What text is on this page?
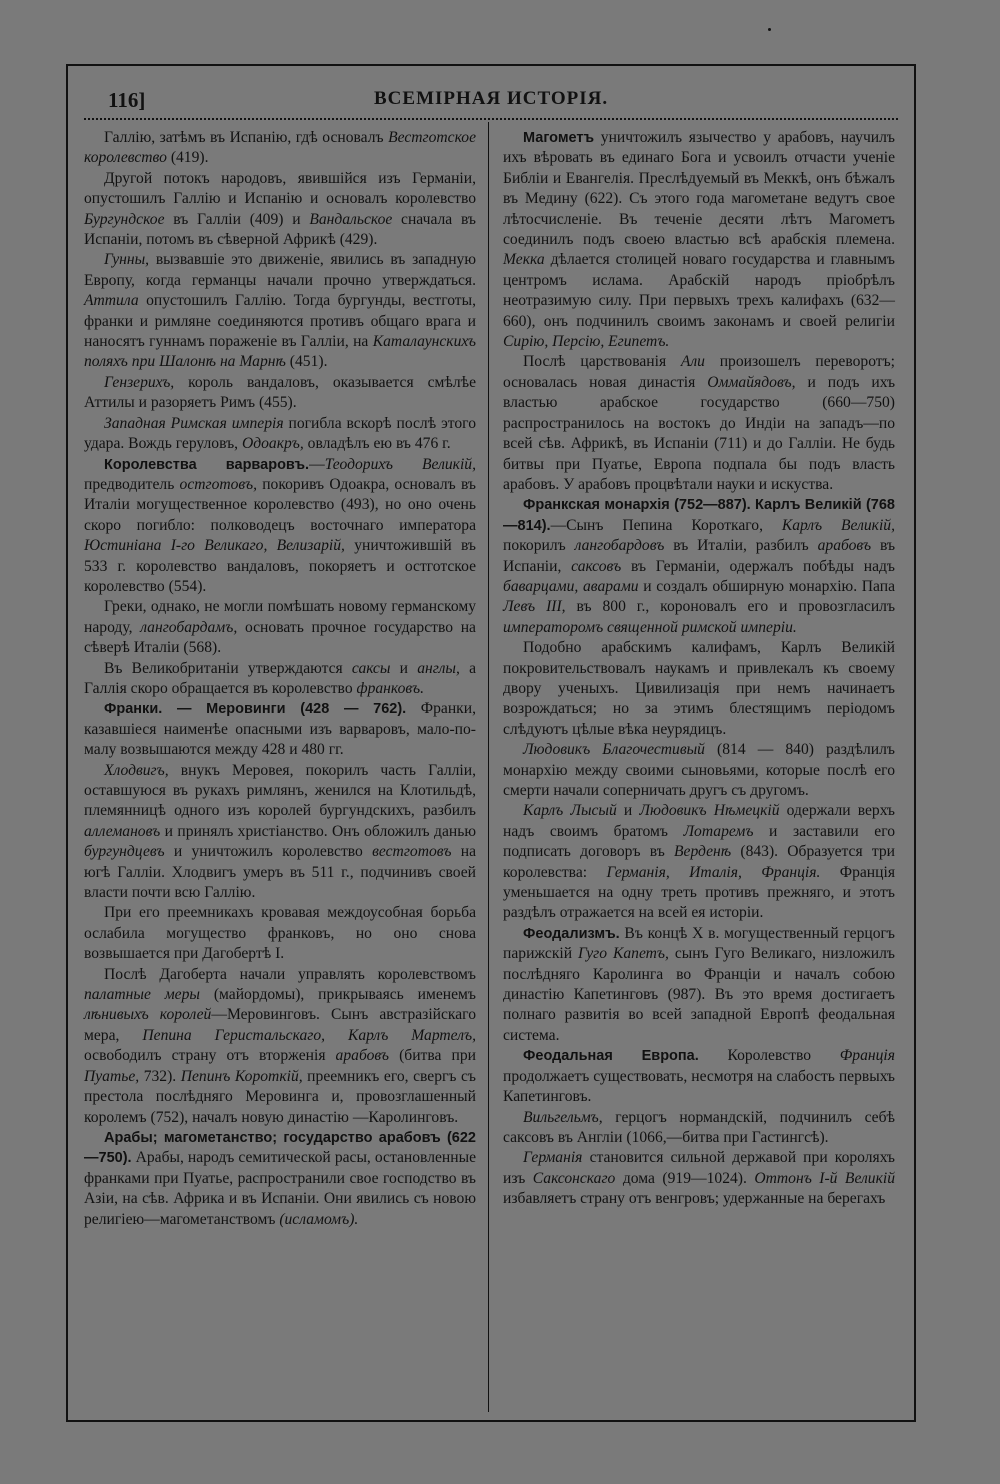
116]	ВСЕМІРНАЯ ИСТОРІЯ.

Галлію, затѣмъ въ Испанію, гдѣ основалъ Вестготское королевство (419).

Другой потокъ народовъ, явившійся изъ Германіи, опустошилъ Галлію и Испанію и основалъ королевство Бургундское въ Галліи (409) и Вандальское сначала въ Испаніи, потомъ въ сѣверной Африкѣ (429).

Гунны, вызвавшіе это движеніе, явились въ западную Европу, когда германцы начали прочно утверждаться. Аттила опустошилъ Галлію. Тогда бургунды, вестготы, франки и римляне соединяются противъ общаго врага и наносятъ гуннамъ пораженіе въ Галліи, на Каталаунскихъ поляхъ при Шалонѣ на Марнѣ (451).

Гензерихъ, король вандаловъ, оказывается смѣлѣе Аттилы и разоряетъ Римъ (455).

Западная Римская имперія погибла вскорѣ послѣ этого удара. Вождь геруловъ, Одоакръ, овладѣлъ ею въ 476 г.

Королевства варваровъ.—Теодорихъ Великій, предводитель остготовъ, покоривъ Одоакра, основалъ въ Италіи могущественное королевство (493), но оно очень скоро погибло: полководецъ восточнаго императора Юстиніана І-го Великаго, Велизарій, уничтожившій въ 533 г. королевство вандаловъ, покоряетъ и остготское королевство (554).

Греки, однако, не могли помѣшать новому германскому народу, лангобардамъ, основать прочное государство на сѣверѣ Италіи (568).

Въ Великобританіи утверждаются саксы и англы, а Галлія скоро обращается въ королевство франковъ.

Франки. — Меровинги (428 — 762). Франки, казавшіеся наименѣе опасными изъ варваровъ, мало-по-малу возвышаются между 428 и 480 гг.

Хлодвигъ, внукъ Меровея, покорилъ часть Галліи, оставшуюся въ рукахъ римлянъ, женился на Клотильдѣ, племянницѣ одного изъ королей бургундскихъ, разбилъ аллемановъ и принялъ христіанство. Онъ обложилъ данью бургундцевъ и уничтожилъ королевство вестготовъ на югѣ Галліи. Хлодвигъ умеръ въ 511 г., подчинивъ своей власти почти всю Галлію.

При его преемникахъ кровавая междоусобная борьба ослабила могущество франковъ, но оно снова возвышается при Дагобертѣ I.

Послѣ Дагоберта начали управлять королевствомъ палатные меры (майордомы), прикрываясь именемъ лѣнивыхъ королей—Меровинговъ. Сынъ австразійскаго мера, Пепина Геристальскаго, Карлъ Мартелъ, освободилъ страну отъ вторженія арабовъ (битва при Пуатье, 732). Пепинъ Короткій, преемникъ его, свергъ съ престола послѣдняго Меровинга и, провозглашенный королемъ (752), началъ новую династію —Каролинговъ.

Арабы; магометанство; государство арабовъ (622—750). Арабы, народъ семитической расы, остановленные франками при Пуатье, распространили свое господство въ Азіи, на сѣв. Африка и въ Испаніи. Они явились съ новою религіею—магометанствомъ (исламомъ).

Магометъ уничтожилъ язычество у арабовъ, научилъ ихъ вѣровать въ единаго Бога и усвоилъ отчасти ученіе Библіи и Евангелія. Преслѣдуемый въ Меккѣ, онъ бѣжалъ въ Медину (622). Съ этого года магометане ведутъ свое лѣтосчисленіе. Въ теченіе десяти лѣтъ Магометъ соединилъ подъ своею властью всѣ арабскія племена. Мекка дѣлается столицей новаго государства и главнымъ центромъ ислама. Арабскій народъ пріобрѣлъ неотразимую силу. При первыхъ трехъ калифахъ (632—660), онъ подчинилъ своимъ законамъ и своей религіи Сирію, Персію, Египетъ.

Послѣ царствованія Али произошелъ переворотъ; основалась новая династія Оммайядовъ, и подъ ихъ властью арабское государство (660—750) распространилось на востокъ до Индіи на западъ—по всей сѣв. Африкѣ, въ Испаніи (711) и до Галліи. Не будь битвы при Пуатье, Европа подпала бы подъ власть арабовъ. У арабовъ процвѣтали науки и искуства.

Франкская монархія (752—887). Карлъ Великій (768—814).—Сынъ Пепина Короткаго, Карлъ Великій, покорилъ лангобардовъ въ Италіи, разбилъ арабовъ въ Испаніи, саксовъ въ Германіи, одержалъ побѣды надъ баварцами, аварами и создалъ обширную монархію. Папа Левъ III, въ 800 г., короновалъ его и провозгласилъ императоромъ священной римской имперіи.

Подобно арабскимъ калифамъ, Карлъ Великій покровительствовалъ наукамъ и привлекалъ къ своему двору ученыхъ. Цивилизація при немъ начинаетъ возрождаться; но за этимъ блестящимъ періодомъ слѣдуютъ цѣлые вѣка неурядицъ.

Людовикъ Благочестивый (814 — 840) раздѣлилъ монархію между своими сыновьями, которые послѣ его смерти начали соперничать другъ съ другомъ.

Карлъ Лысый и Людовикъ Нѣмецкій одержали верхъ надъ своимъ братомъ Лотаремъ и заставили его подписать договоръ въ Верденѣ (843). Образуется три королевства: Германія, Италія, Франція. Франція уменьшается на одну треть противъ прежняго, и этотъ раздѣлъ отражается на всей ея исторіи.

Феодализмъ. Въ концѣ X в. могущественный герцогъ парижскій Гуго Капетъ, сынъ Гуго Великаго, низложилъ послѣдняго Каролинга во Франціи и началъ собою династію Капетинговъ (987). Въ это время достигаетъ полнаго развитія во всей западной Европѣ феодальная система.

Феодальная Европа. Королевство Франція продолжаетъ существовать, несмотря на слабость первыхъ Капетинговъ.

Вильгельмъ, герцогъ нормандскій, подчинилъ себѣ саксовъ въ Англіи (1066,—битва при Гастингсѣ).

Германія становится сильной державой при короляхъ изъ Саксонскаго дома (919—1024). Оттонъ I-й Великій избавляетъ страну отъ венгровъ; удержанные на берегахъ
